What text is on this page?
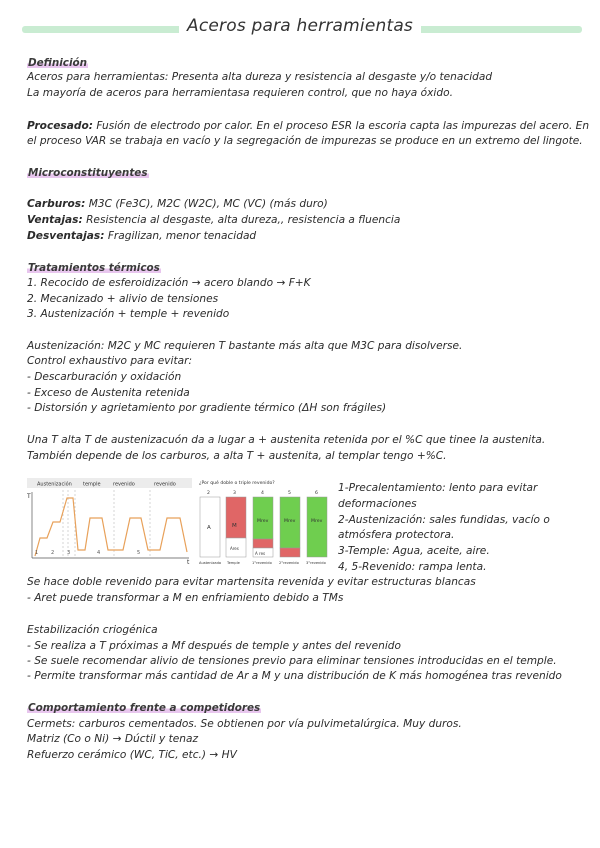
Aceros para herramientas
Definición
Aceros para herramientas: Presenta alta dureza y resistencia al desgaste y/o tenacidad
La mayoría de aceros para herramientasa requieren control, que no haya óxido.
Procesado: Fusión de electrodo por calor. En el proceso ESR la escoria capta las impurezas del acero. En
el proceso VAR se trabaja en vacío y la segregación de impurezas se produce en un extremo del lingote.
Microconstituyentes
Carburos: M3C (Fe3C), M2C (W2C), MC (VC) (más duro)
Ventajas: Resistencia al desgaste, alta dureza,, resistencia a fluencia
Desventajas: Fragilizan, menor tenacidad
Tratamientos térmicos
1. Recocido de esferoidización → acero blando → F+K
2. Mecanizado + alivio de tensiones
3. Austenización + temple + revenido
Austenización: M2C y MC requieren T bastante más alta que M3C para disolverse.
Control exhaustivo para evitar:
- Descarburación y oxidación
- Exceso de Austenita retenida
- Distorsión y agrietamiento por gradiente térmico (ΔH son frágiles)
Una T alta T de austenizacuón da a lugar a + austenita retenida por el %C que tinee la austenita.
También depende de los carburos, a alta T + austenita, al templar tengo +%C.
Austenización temple revenido	revenido
T
t
1	2	3	4	5
¿Por qué doble o triple revenido?
2	3	4	5	6
A	M
Ares
Mrev
A res
Mrev	Mrev
Austenizado Temple	1°revenido 2°revenido 3°revenido
1-Precalentamiento: lento para evitar
deformaciones
2-Austenización: sales fundidas, vacío o
atmósfera protectora.
3-Temple: Agua, aceite, aire.
4, 5-Revenido: rampa lenta.
Se hace doble revenido para evitar martensita revenida y evitar estructuras blancas
- Aret puede transformar a M en enfriamiento debido a TMs
Estabilización criogénica
- Se realiza a T próximas a Mf después de temple y antes del revenido
- Se suele recomendar alivio de tensiones previo para eliminar tensiones introducidas en el temple.
- Permite transformar más cantidad de Ar a M y una distribución de K más homogénea tras revenido
Comportamiento frente a competidores
Cermets: carburos cementados. Se obtienen por vía pulvimetalúrgica. Muy duros.
Matriz (Co o Ni) → Dúctil y tenaz
Refuerzo cerámico (WC, TiC, etc.) → HV
